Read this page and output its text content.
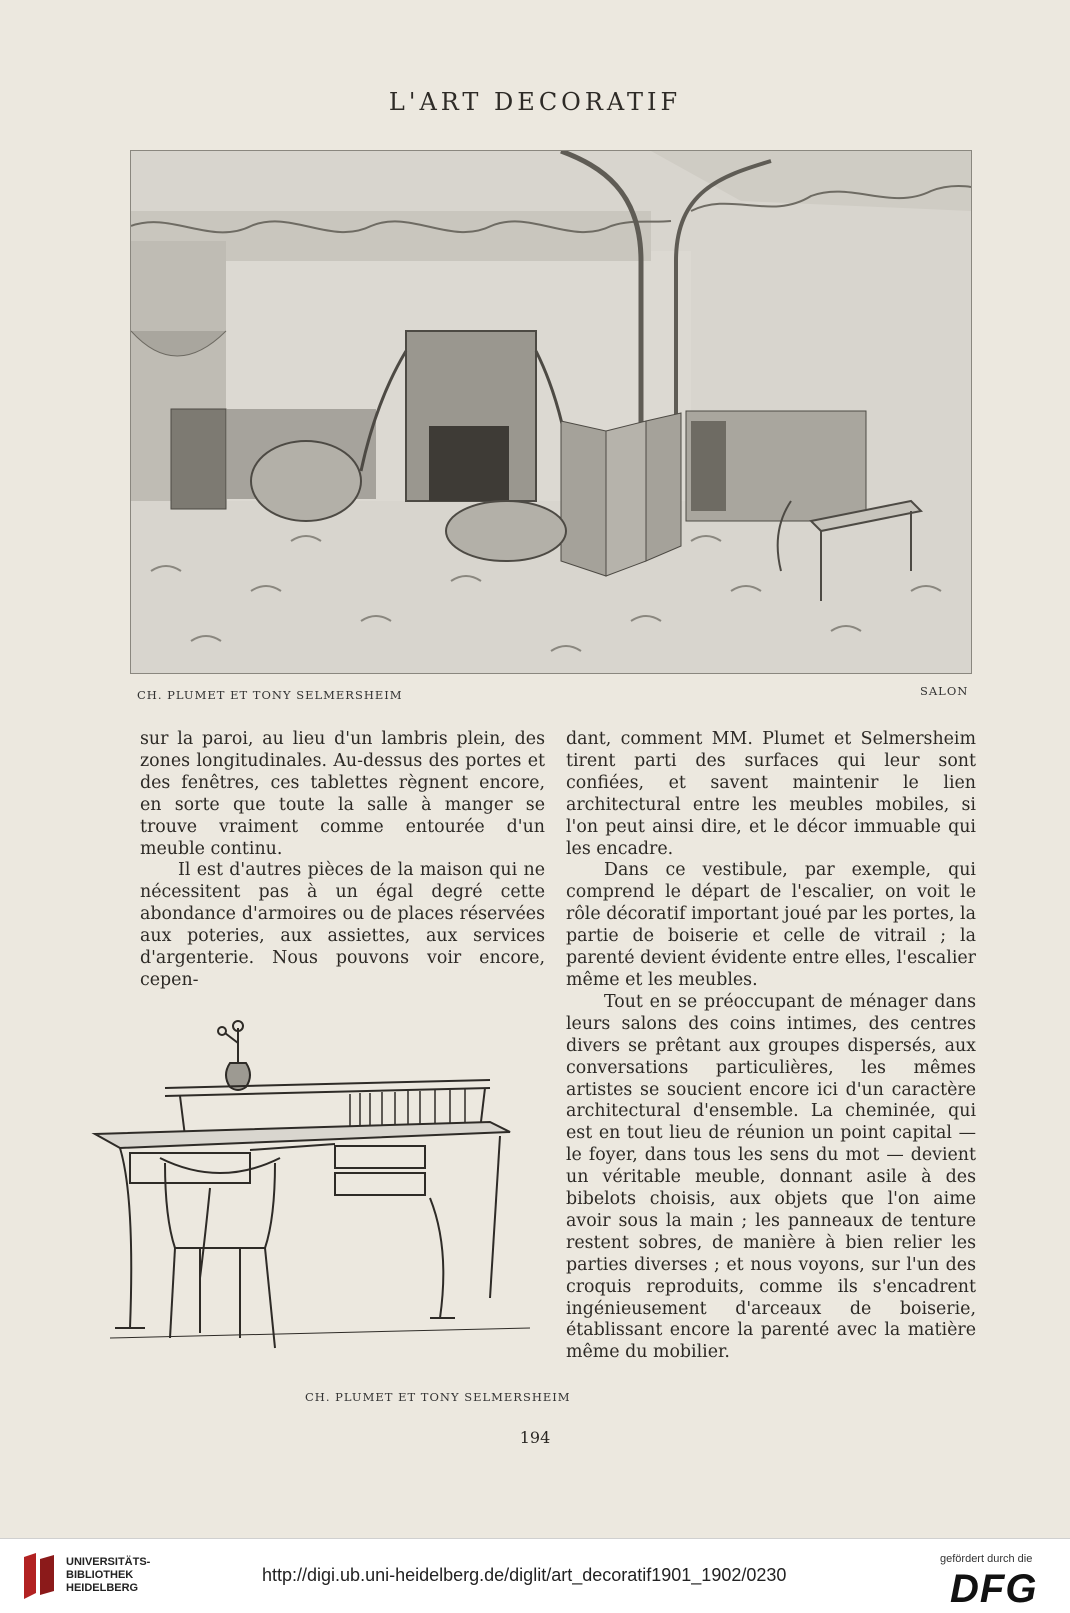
L'ART DECORATIF
CH. PLUMET ET TONY SELMERSHEIM	SALON

sur la paroi, au lieu d'un lambris plein, des zones longitudinales. Au-dessus des portes et des fenêtres, ces tablettes règnent encore, en sorte que toute la salle à manger se trouve vraiment comme entourée d'un meuble continu.

Il est d'autres pièces de la maison qui ne nécessitent pas à un égal degré cette abondance d'armoires ou de places réservées aux poteries, aux assiettes, aux services d'argenterie. Nous pouvons voir encore, cepen-

dant, comment MM. Plumet et Selmersheim tirent parti des surfaces qui leur sont confiées, et savent maintenir le lien architectural entre les meubles mobiles, si l'on peut ainsi dire, et le décor immuable qui les encadre.

Dans ce vestibule, par exemple, qui comprend le départ de l'escalier, on voit le rôle décoratif important joué par les portes, la partie de boiserie et celle de vitrail ; la parenté devient évidente entre elles, l'escalier même et les meubles.

Tout en se préoccupant de ménager dans leurs salons des coins intimes, des centres divers se prêtant aux groupes dispersés, aux conversations particulières, les mêmes artistes se soucient encore ici d'un caractère architectural d'ensemble. La cheminée, qui est en tout lieu de réunion un point capital — le foyer, dans tous les sens du mot — devient un véritable meuble, donnant asile à des bibelots choisis, aux objets que l'on aime avoir sous la main ; les panneaux de tenture restent sobres, de manière à bien relier les parties diverses ; et nous voyons, sur l'un des croquis reproduits, comme ils s'encadrent ingénieusement d'arceaux de boiserie, établissant encore la parenté avec la matière même du mobilier.

CH. PLUMET ET TONY SELMERSHEIM
194
UNIVERSITÄTS-
BIBLIOTHEK
HEIDELBERG
http://digi.ub.uni-heidelberg.de/diglit/art_decoratif1901_1902/0230
gefördert durch die
DFG
